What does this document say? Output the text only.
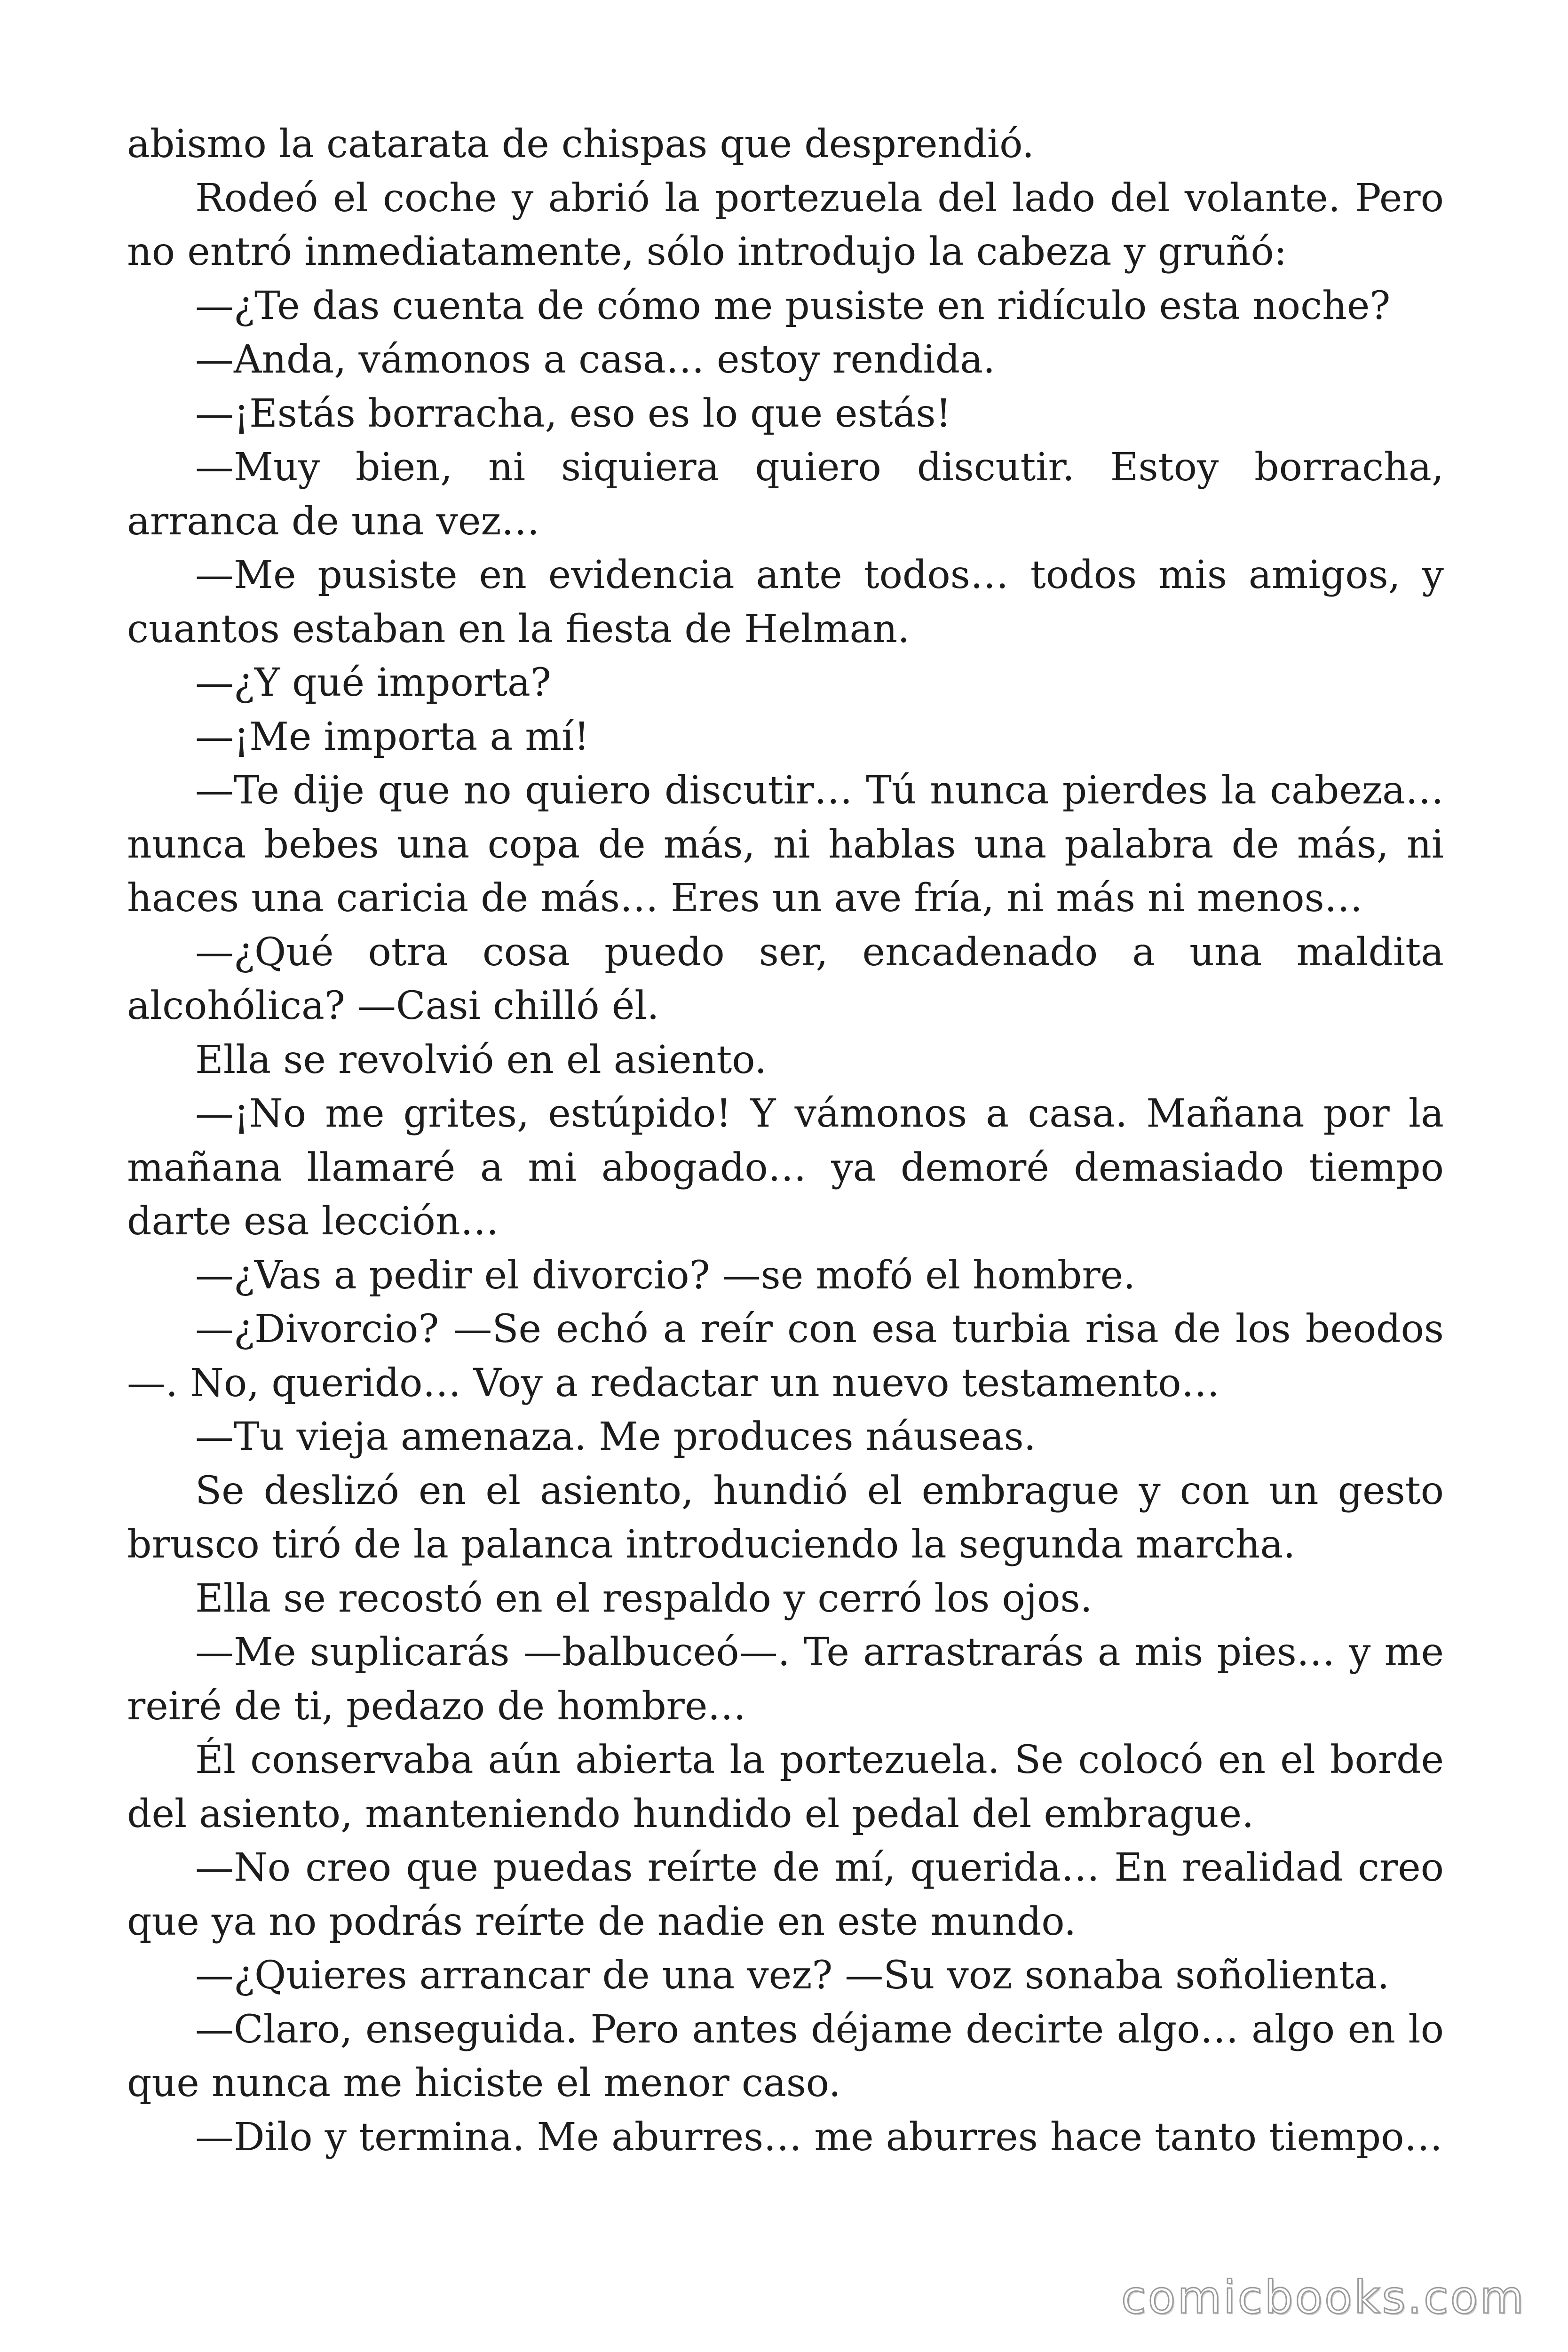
abismo la catarata de chispas que desprendió.

Rodeó el coche y abrió la portezuela del lado del volante. Pero no entró inmediatamente, sólo introdujo la cabeza y gruñó:

—¿Te das cuenta de cómo me pusiste en ridículo esta noche?

—Anda, vámonos a casa… estoy rendida.

—¡Estás borracha, eso es lo que estás!

—Muy bien, ni siquiera quiero discutir. Estoy borracha, arranca de una vez…

—Me pusiste en evidencia ante todos… todos mis amigos, y cuantos estaban en la fiesta de Helman.

—¿Y qué importa?

—¡Me importa a mí!

—Te dije que no quiero discutir… Tú nunca pierdes la cabeza… nunca bebes una copa de más, ni hablas una palabra de más, ni haces una caricia de más… Eres un ave fría, ni más ni menos…

—¿Qué otra cosa puedo ser, encadenado a una maldita alcohólica? —Casi chilló él.

Ella se revolvió en el asiento.

—¡No me grites, estúpido! Y vámonos a casa. Mañana por la mañana llamaré a mi abogado… ya demoré demasiado tiempo darte esa lección…

—¿Vas a pedir el divorcio? —se mofó el hombre.

—¿Divorcio? —Se echó a reír con esa turbia risa de los beodos —. No, querido… Voy a redactar un nuevo testamento…

—Tu vieja amenaza. Me produces náuseas.

Se deslizó en el asiento, hundió el embrague y con un gesto brusco tiró de la palanca introduciendo la segunda marcha.

Ella se recostó en el respaldo y cerró los ojos.

—Me suplicarás —balbuceó—. Te arrastrarás a mis pies… y me reiré de ti, pedazo de hombre…

Él conservaba aún abierta la portezuela. Se colocó en el borde del asiento, manteniendo hundido el pedal del embrague.

—No creo que puedas reírte de mí, querida… En realidad creo que ya no podrás reírte de nadie en este mundo.

—¿Quieres arrancar de una vez? —Su voz sonaba soñolienta.

—Claro, enseguida. Pero antes déjame decirte algo… algo en lo que nunca me hiciste el menor caso.

—Dilo y termina. Me aburres… me aburres hace tanto tiempo…

comicbooks.com
